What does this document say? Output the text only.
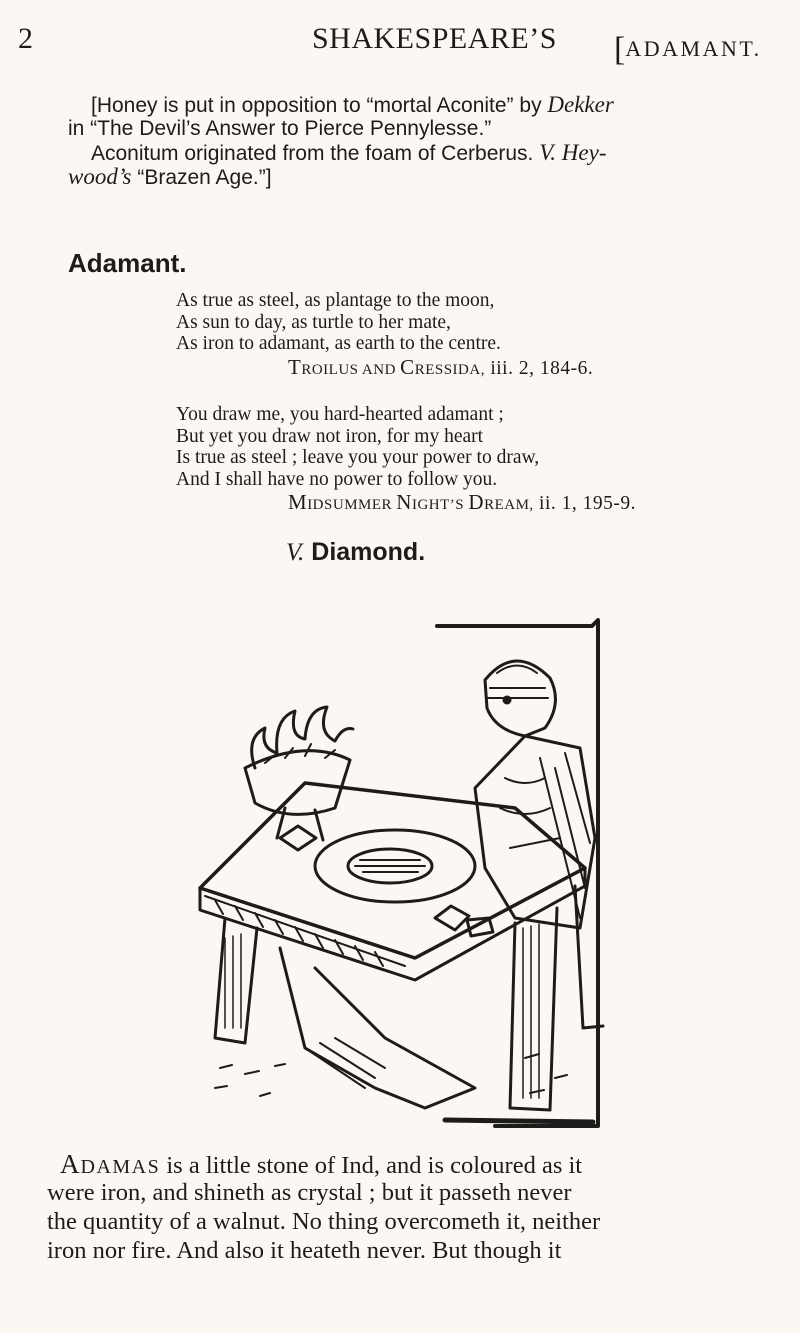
2	SHAKESPEARE’S [ADAMANT.
[Honey is put in opposition to “mortal Aconite” by Dekker
in “The Devil’s Answer to Pierce Pennylesse.”
Aconitum originated from the foam of Cerberus. V. Hey-
wood’s “Brazen Age.”]
Adamant.
As true as steel, as plantage to the moon,
As sun to day, as turtle to her mate,
As iron to adamant, as earth to the centre.
TROILUS AND CRESSIDA, iii. 2, 184-6.
You draw me, you hard-hearted adamant ;
But yet you draw not iron, for my heart
Is true as steel ; leave you your power to draw,
And I shall have no power to follow you.
MIDSUMMER NIGHT’S DREAM, ii. 1, 195-9.
V. Diamond.
ADAMAS is a little stone of Ind, and is coloured as it
were iron, and shineth as crystal ; but it passeth never
the quantity of a walnut. No thing overcometh it, neither
iron nor fire. And also it heateth never. But though it
